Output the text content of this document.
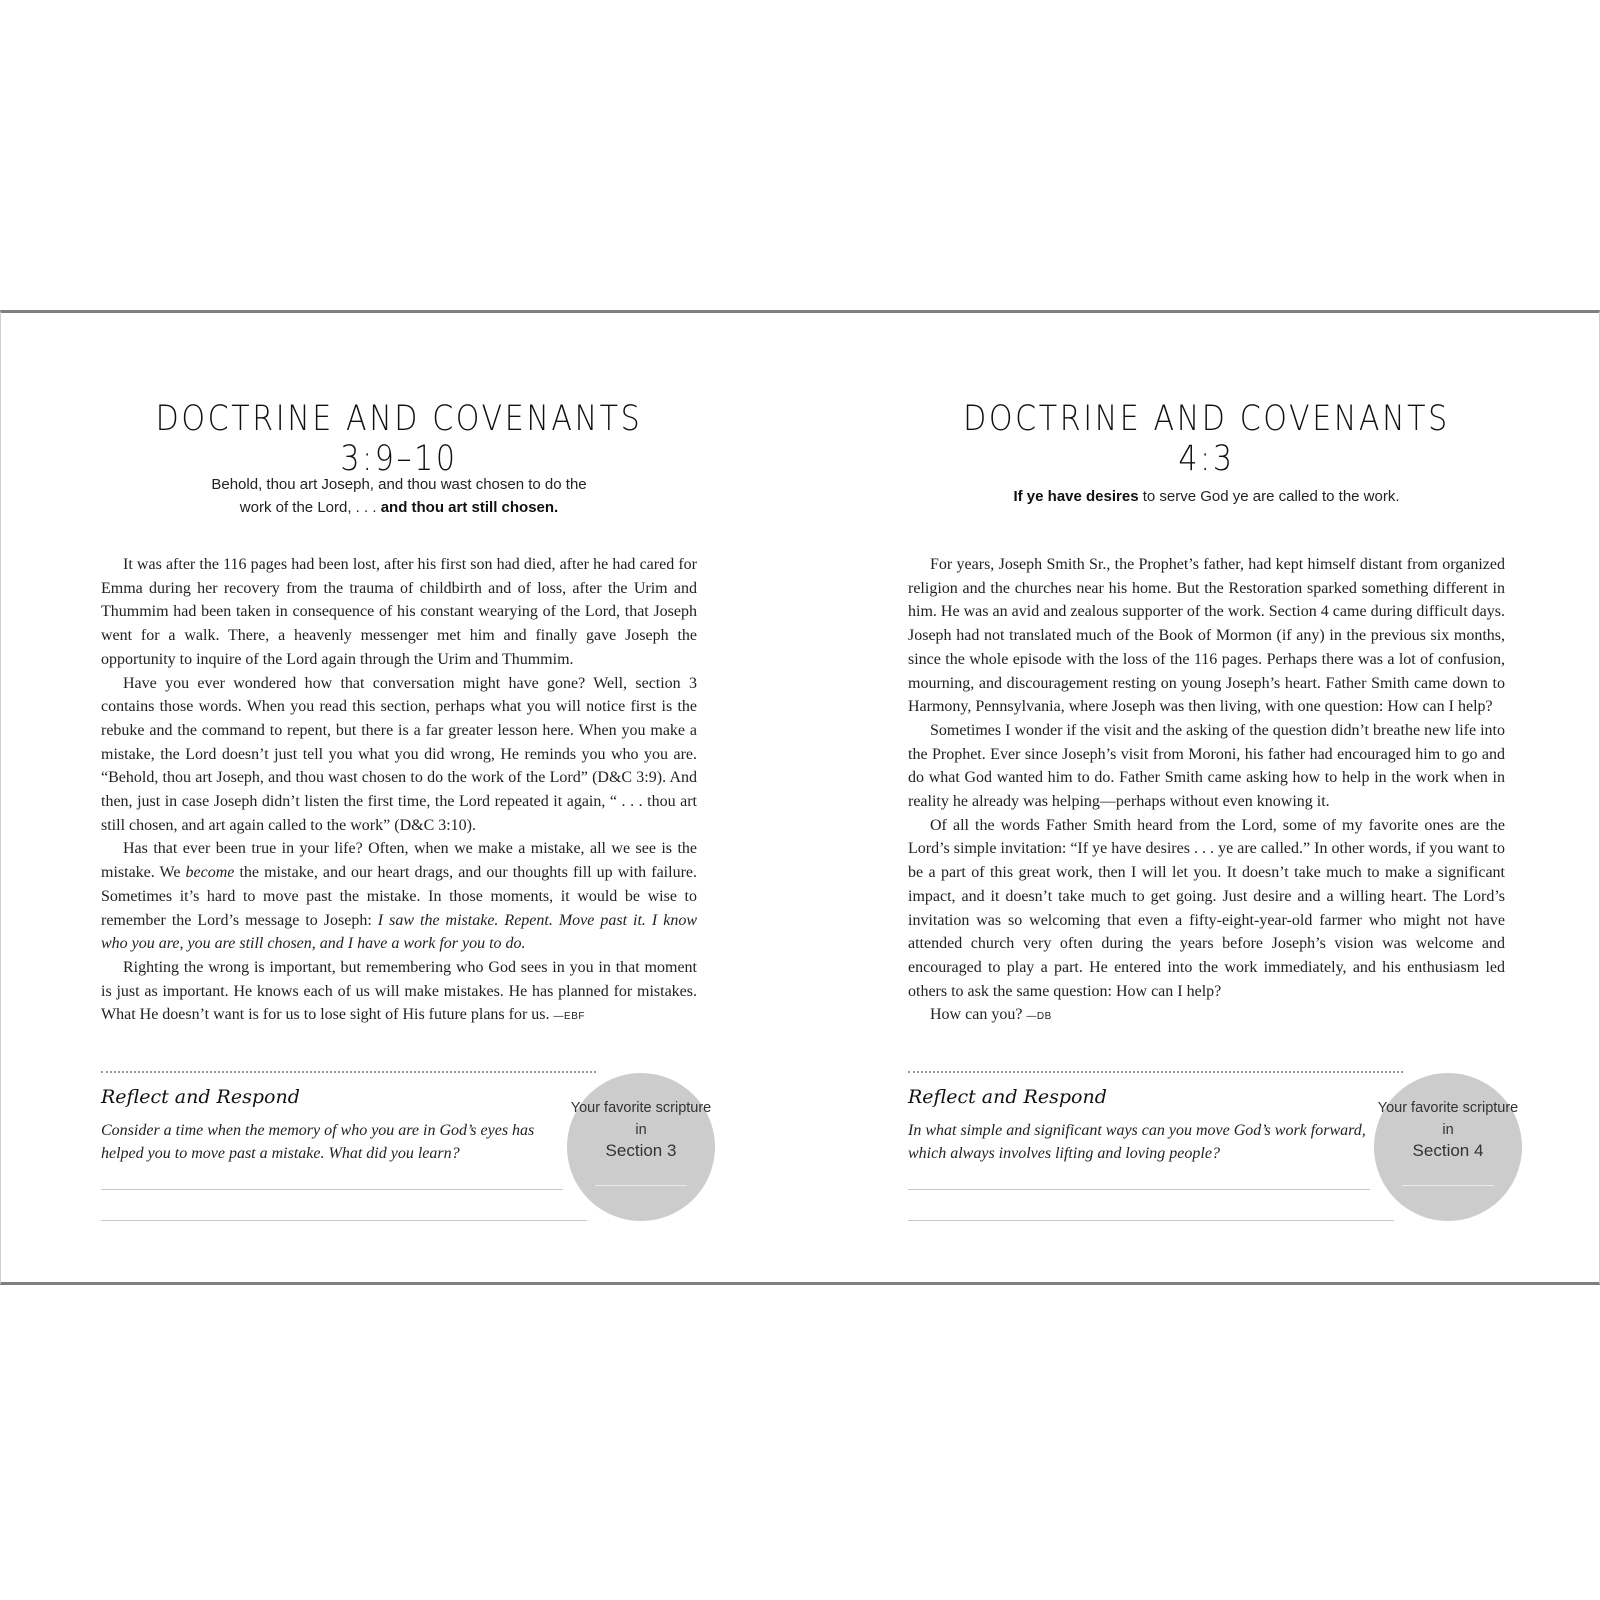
DOCTRINE AND COVENANTS 3:9–10
Behold, thou art Joseph, and thou wast chosen to do the
work of the Lord, . . . and thou art still chosen.

It was after the 116 pages had been lost, after his first son had died, after he had cared for Emma during her recovery from the trauma of childbirth and of loss, after the Urim and Thummim had been taken in consequence of his constant wearying of the Lord, that Joseph went for a walk. There, a heavenly messenger met him and finally gave Joseph the opportunity to inquire of the Lord again through the Urim and Thummim.

Have you ever wondered how that conversation might have gone? Well, section 3 contains those words. When you read this section, perhaps what you will notice first is the rebuke and the command to repent, but there is a far greater lesson here. When you make a mistake, the Lord doesn’t just tell you what you did wrong, He reminds you who you are. “Behold, thou art Joseph, and thou wast chosen to do the work of the Lord” (D&C 3:9). And then, just in case Joseph didn’t listen the first time, the Lord repeated it again, “ . . . thou art still chosen, and art again called to the work” (D&C 3:10).

Has that ever been true in your life? Often, when we make a mistake, all we see is the mistake. We become the mistake, and our heart drags, and our thoughts fill up with failure. Sometimes it’s hard to move past the mistake. In those moments, it would be wise to remember the Lord’s message to Joseph: I saw the mistake. Repent. Move past it. I know who you are, you are still chosen, and I have a work for you to do.

Righting the wrong is important, but remembering who God sees in you in that moment is just as important. He knows each of us will make mistakes. He has planned for mistakes. What He doesn’t want is for us to lose sight of His future plans for us. —EBF

Reflect and Respond
Consider a time when the memory of who you are in God’s eyes has helped you to move past a mistake. What did you learn?
Your favorite scripture in
Section 3
DOCTRINE AND COVENANTS 4:3
If ye have desires to serve God ye are called to the work.

For years, Joseph Smith Sr., the Prophet’s father, had kept himself distant from organized religion and the churches near his home. But the Restoration sparked something different in him. He was an avid and zealous supporter of the work. Section 4 came during difficult days. Joseph had not translated much of the Book of Mormon (if any) in the previous six months, since the whole episode with the loss of the 116 pages. Perhaps there was a lot of confusion, mourning, and discouragement resting on young Joseph’s heart. Father Smith came down to Harmony, Pennsylvania, where Joseph was then living, with one question: How can I help?

Sometimes I wonder if the visit and the asking of the question didn’t breathe new life into the Prophet. Ever since Joseph’s visit from Moroni, his father had encouraged him to go and do what God wanted him to do. Father Smith came asking how to help in the work when in reality he already was helping—perhaps without even knowing it.

Of all the words Father Smith heard from the Lord, some of my favorite ones are the Lord’s simple invitation: “If ye have desires . . . ye are called.” In other words, if you want to be a part of this great work, then I will let you. It doesn’t take much to make a significant impact, and it doesn’t take much to get going. Just desire and a willing heart. The Lord’s invitation was so welcoming that even a fifty-eight-year-old farmer who might not have attended church very often during the years before Joseph’s vision was welcome and encouraged to play a part. He entered into the work immediately, and his enthusiasm led others to ask the same question: How can I help?

How can you? —DB

Reflect and Respond
In what simple and significant ways can you move God’s work forward, which always involves lifting and loving people?
Your favorite scripture in
Section 4
